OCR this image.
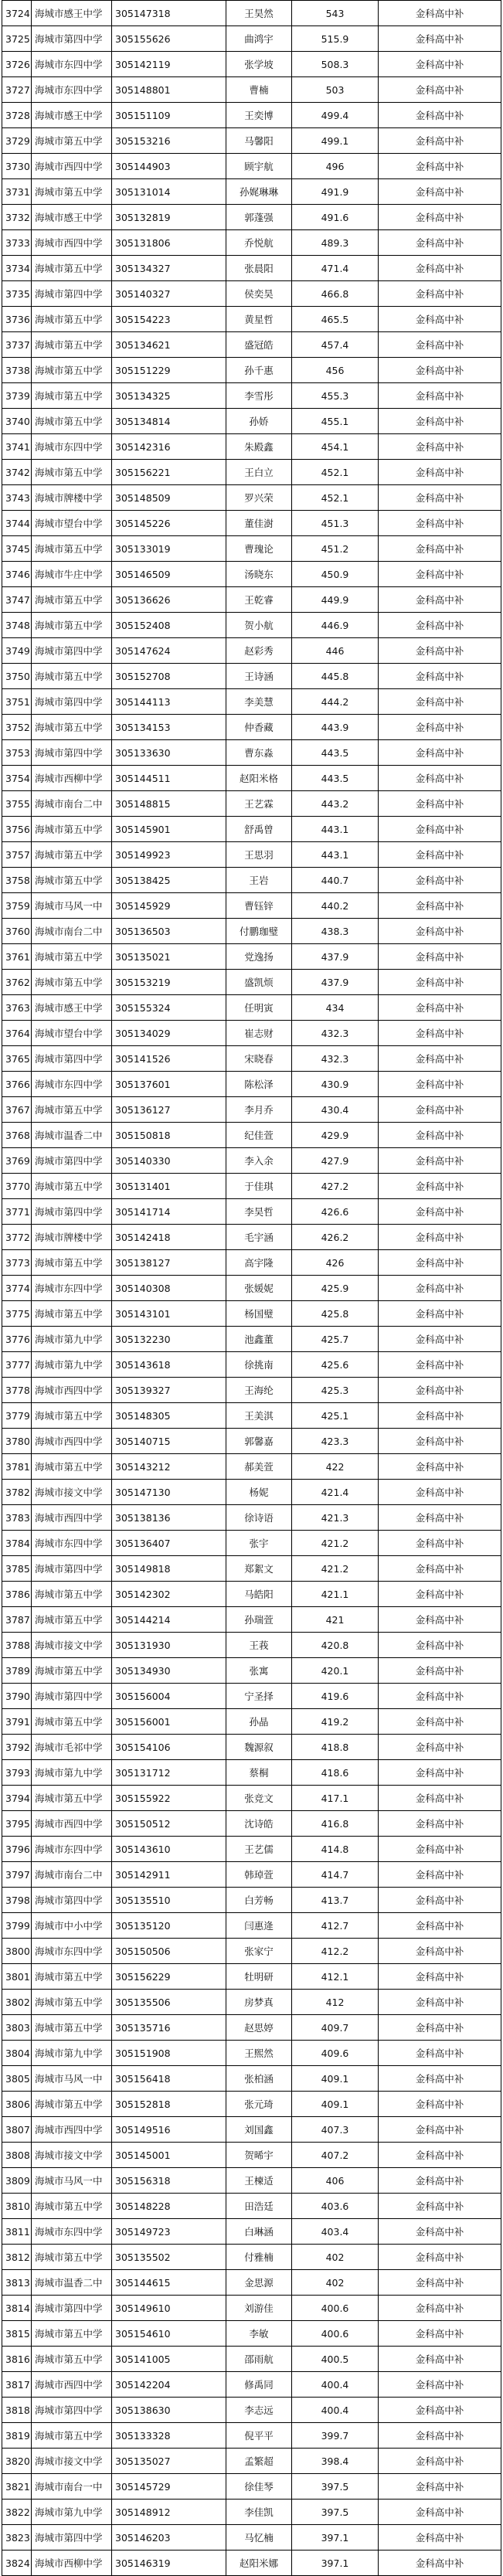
3724	海城市感王中学	305147318	王昊然	543	金科高中补
3725	海城市第四中学	305155626	曲鸿宇	515.9	金科高中补
3726	海城市东四中学	305142119	张学坡	508.3	金科高中补
3727	海城市东四中学	305148801	曹楠	503	金科高中补
3728	海城市感王中学	305151109	王奕博	499.4	金科高中补
3729	海城市第五中学	305153216	马馨阳	499.1	金科高中补
3730	海城市西四中学	305144903	顾宇航	496	金科高中补
3731	海城市第五中学	305131014	孙娓琳琳	491.9	金科高中补
3732	海城市感王中学	305132819	郭蓬强	491.6	金科高中补
3733	海城市西四中学	305131806	乔悦航	489.3	金科高中补
3734	海城市第五中学	305134327	张晨阳	471.4	金科高中补
3735	海城市第四中学	305140327	侯奕昊	466.8	金科高中补
3736	海城市第五中学	305154223	黄星哲	465.5	金科高中补
3737	海城市第五中学	305134621	盛冠皓	457.4	金科高中补
3738	海城市第五中学	305151229	孙千惠	456	金科高中补
3739	海城市第五中学	305134325	李雪彤	455.3	金科高中补
3740	海城市第五中学	305134814	孙娇	455.1	金科高中补
3741	海城市东四中学	305142316	朱殿鑫	454.1	金科高中补
3742	海城市第五中学	305156221	王白立	452.1	金科高中补
3743	海城市牌楼中学	305148509	罗兴荣	452.1	金科高中补
3744	海城市望台中学	305145226	董佳澍	451.3	金科高中补
3745	海城市第五中学	305133019	曹瑰论	451.2	金科高中补
3746	海城市牛庄中学	305146509	汤晓东	450.9	金科高中补
3747	海城市第五中学	305136626	王乾睿	449.9	金科高中补
3748	海城市第五中学	305152408	贺小航	446.9	金科高中补
3749	海城市第四中学	305147624	赵彩秀	446	金科高中补
3750	海城市第五中学	305152708	王诗涵	445.8	金科高中补
3751	海城市第四中学	305144113	李美慧	444.2	金科高中补
3752	海城市第五中学	305134153	仲香藏	443.9	金科高中补
3753	海城市第四中学	305133630	曹东淼	443.5	金科高中补
3754	海城市西柳中学	305144511	赵阳米格	443.5	金科高中补
3755	海城市南台二中	305148815	王艺霖	443.2	金科高中补
3756	海城市第五中学	305145901	舒禹曾	443.1	金科高中补
3757	海城市第五中学	305149923	王思羽	443.1	金科高中补
3758	海城市第五中学	305138425	王岩	440.7	金科高中补
3759	海城市马风一中	305145929	曹钰锌	440.2	金科高中补
3760	海城市南台二中	305136503	付鹏珈璧	438.3	金科高中补
3761	海城市第五中学	305135021	党逸扬	437.9	金科高中补
3762	海城市第五中学	305153219	盛凯烦	437.9	金科高中补
3763	海城市感王中学	305155324	任明寅	434	金科高中补
3764	海城市望台中学	305134029	崔志财	432.3	金科高中补
3765	海城市第四中学	305141526	宋晓春	432.3	金科高中补
3766	海城市东四中学	305137601	陈松泽	430.9	金科高中补
3767	海城市第五中学	305136127	李月乔	430.4	金科高中补
3768	海城市温香二中	305150818	纪佳萱	429.9	金科高中补
3769	海城市第四中学	305140330	李入余	427.9	金科高中补
3770	海城市第五中学	305131401	于佳琪	427.2	金科高中补
3771	海城市第四中学	305141714	李昊哲	426.6	金科高中补
3772	海城市牌楼中学	305142418	毛宇涵	426.2	金科高中补
3773	海城市第五中学	305138127	高宇隆	426	金科高中补
3774	海城市东四中学	305140308	张媛妮	425.9	金科高中补
3775	海城市第五中学	305143101	杨国璧	425.8	金科高中补
3776	海城市第九中学	305132230	池鑫董	425.7	金科高中补
3777	海城市第九中学	305143618	徐挑南	425.6	金科高中补
3778	海城市西四中学	305139327	王海纶	425.3	金科高中补
3779	海城市第五中学	305148305	王美淇	425.1	金科高中补
3780	海城市西四中学	305140715	郭馨嘉	423.3	金科高中补
3781	海城市第五中学	305143212	郝美萱	422	金科高中补
3782	海城市接文中学	305147130	杨妮	421.4	金科高中补
3783	海城市西四中学	305138136	徐诗语	421.3	金科高中补
3784	海城市东四中学	305136407	张宇	421.2	金科高中补
3785	海城市第四中学	305149818	郑絮文	421.2	金科高中补
3786	海城市第五中学	305142302	马皓阳	421.1	金科高中补
3787	海城市第五中学	305144214	孙瑞萱	421	金科高中补
3788	海城市接文中学	305131930	王莪	420.8	金科高中补
3789	海城市第五中学	305134930	张寓	420.1	金科高中补
3790	海城市第四中学	305156004	宁圣择	419.6	金科高中补
3791	海城市第五中学	305156001	孙晶	419.2	金科高中补
3792	海城市毛祁中学	305154106	魏源叙	418.8	金科高中补
3793	海城市第九中学	305131712	蔡桐	418.6	金科高中补
3794	海城市第五中学	305155922	张竞文	417.1	金科高中补
3795	海城市西四中学	305150512	沈诗皓	416.8	金科高中补
3796	海城市东四中学	305143610	王艺儒	414.8	金科高中补
3797	海城市南台二中	305142911	韩琸萱	414.7	金科高中补
3798	海城市第四中学	305135510	白芳畅	413.7	金科高中补
3799	海城市中小中学	305135120	闫惠逄	412.7	金科高中补
3800	海城市东四中学	305150506	张家宁	412.2	金科高中补
3801	海城市第五中学	305156229	牡明研	412.1	金科高中补
3802	海城市第五中学	305135506	房梦真	412	金科高中补
3803	海城市第五中学	305135716	赵思婷	409.7	金科高中补
3804	海城市第九中学	305151908	王煕然	409.6	金科高中补
3805	海城市马风一中	305156418	张柏涵	409.1	金科高中补
3806	海城市第五中学	305152818	张元琦	409.1	金科高中补
3807	海城市西四中学	305149516	刘国鑫	407.3	金科高中补
3808	海城市接文中学	305145001	贺晞宇	407.2	金科高中补
3809	海城市马风一中	305156318	王楝适	406	金科高中补
3810	海城市第五中学	305148228	田浩廷	403.6	金科高中补
3811	海城市东四中学	305149723	白琳涵	403.4	金科高中补
3812	海城市第五中学	305135502	付雅楠	402	金科高中补
3813	海城市温香二中	305144615	金思源	402	金科高中补
3814	海城市第四中学	305149610	刘游佳	400.6	金科高中补
3815	海城市第五中学	305154610	李敏	400.6	金科高中补
3816	海城市第五中学	305141005	邵雨航	400.5	金科高中补
3817	海城市西四中学	305142204	修禹同	400.4	金科高中补
3818	海城市第四中学	305138630	李志远	400.4	金科高中补
3819	海城市第五中学	305133328	倪平平	399.7	金科高中补
3820	海城市接文中学	305135027	孟繁超	398.4	金科高中补
3821	海城市南台一中	305145729	徐佳琴	397.5	金科高中补
3822	海城市第九中学	305148912	李佳凯	397.5	金科高中补
3823	海城市第四中学	305146203	马忆楠	397.1	金科高中补
3824	海城市西柳中学	305146319	赵阳米娜	397.1	金科高中补
